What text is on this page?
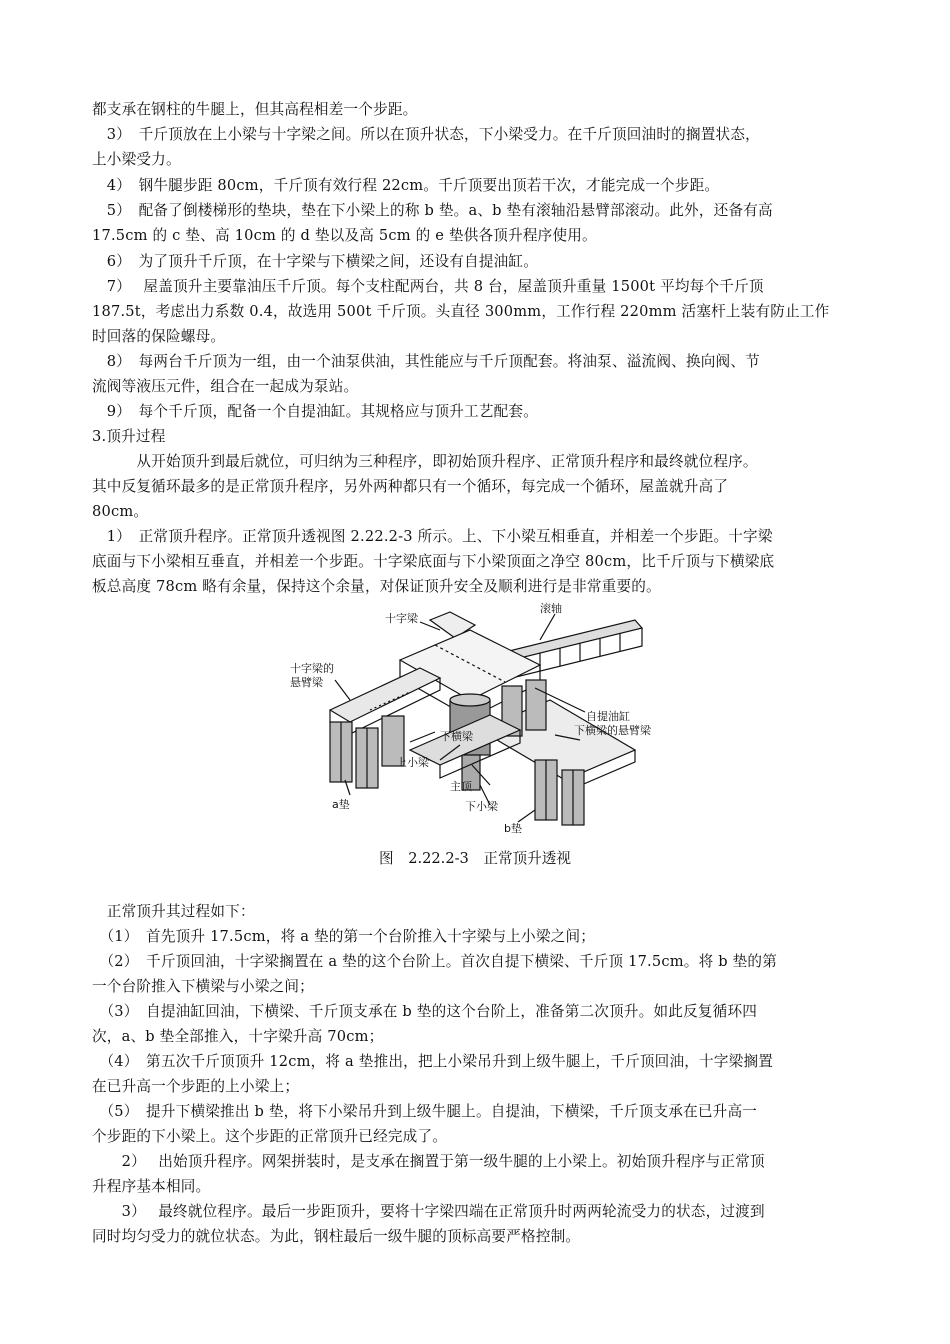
都支承在钢柱的牛腿上，但其高程相差一个步距。
　3）　千斤顶放在上小梁与十字梁之间。所以在顶升状态，下小梁受力。在千斤顶回油时的搁置状态，
上小梁受力。
　4）　钢牛腿步距 80cm，千斤顶有效行程 22cm。千斤顶要出顶若干次，才能完成一个步距。
　5）　配备了倒楼梯形的垫块，垫在下小梁上的称 b 垫。a、b 垫有滚轴沿悬臂部滚动。此外，还备有高
17.5cm 的 c 垫、高 10cm 的 d 垫以及高 5cm 的 e 垫供各顶升程序使用。
　6）　为了顶升千斤顶，在十字梁与下横梁之间，还设有自提油缸。
　7）　 屋盖顶升主要靠油压千斤顶。每个支柱配两台，共 8 台，屋盖顶升重量 1500t 平均每个千斤顶
187.5t，考虑出力系数 0.4，故选用 500t 千斤顶。头直径 300mm，工作行程 220mm 活塞杆上装有防止工作
时回落的保险螺母。
　8）　每两台千斤顶为一组，由一个油泵供油，其性能应与千斤顶配套。将油泵、溢流阀、换向阀、节
流阀等液压元件，组合在一起成为泵站。
　9）　每个千斤顶，配备一个自提油缸。其规格应与顶升工艺配套。
3.顶升过程
　　　从开始顶升到最后就位，可归纳为三种程序，即初始顶升程序、正常顶升程序和最终就位程序。
其中反复循环最多的是正常顶升程序，另外两种都只有一个循环，每完成一个循环，屋盖就升高了
80cm。
　1）　正常顶升程序。正常顶升透视图 2.22.2-3 所示。上、下小梁互相垂直，并相差一个步距。十字梁
底面与下小梁相互垂直，并相差一个步距。十字梁底面与下小梁顶面之净空 80cm，比千斤顶与下横梁底
板总高度 78cm 略有余量，保持这个余量，对保证顶升安全及顺利进行是非常重要的。
十字梁
滚轴
十字梁的
悬臂梁
自提油缸
下横梁的悬臂梁
下横梁
上小梁
主顶
下小梁
a垫
b垫
图　2.22.2-3　正常顶升透视
　正常顶升其过程如下：
　（1）　首先顶升 17.5cm，将 a 垫的第一个台阶推入十字梁与上小梁之间；
　（2）　千斤顶回油，十字梁搁置在 a 垫的这个台阶上。首次自提下横梁、千斤顶 17.5cm。将 b 垫的第
一个台阶推入下横梁与小梁之间；
　（3）　自提油缸回油，下横梁、千斤顶支承在 b 垫的这个台阶上，准备第二次顶升。如此反复循环四
次，a、b 垫全部推入，十字梁升高 70cm；
　（4）　第五次千斤顶顶升 12cm，将 a 垫推出，把上小梁吊升到上级牛腿上，千斤顶回油，十字梁搁置
在已升高一个步距的上小梁上；
　（5）　提升下横梁推出 b 垫，将下小梁吊升到上级牛腿上。自提油，下横梁，千斤顶支承在已升高一
个步距的下小梁上。这个步距的正常顶升已经完成了。
　　2）　 出始顶升程序。网架拼装时，是支承在搁置于第一级牛腿的上小梁上。初始顶升程序与正常顶
升程序基本相同。
　　3）　 最终就位程序。最后一步距顶升，要将十字梁四端在正常顶升时两两轮流受力的状态，过渡到
同时均匀受力的就位状态。为此，钢柱最后一级牛腿的顶标高要严格控制。
